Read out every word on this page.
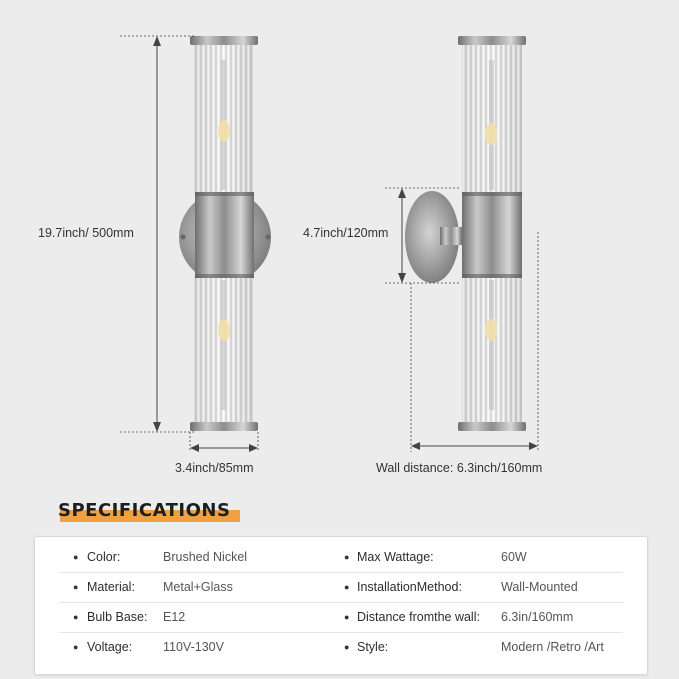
19.7inch/ 500mm
3.4inch/85mm
4.7inch/120mm
Wall distance: 6.3inch/160mm
SPECIFICATIONS
● Color:	Brushed Nickel	● Max Wattage:	60W
● Material: Metal+Glass	● InstallationMethod:	Wall-Mounted
● Bulb Base: E12	● Distance fromthe wall: 6.3in/160mm
● Voltage: 110V-130V	● Style:	Modern /Retro /Art
